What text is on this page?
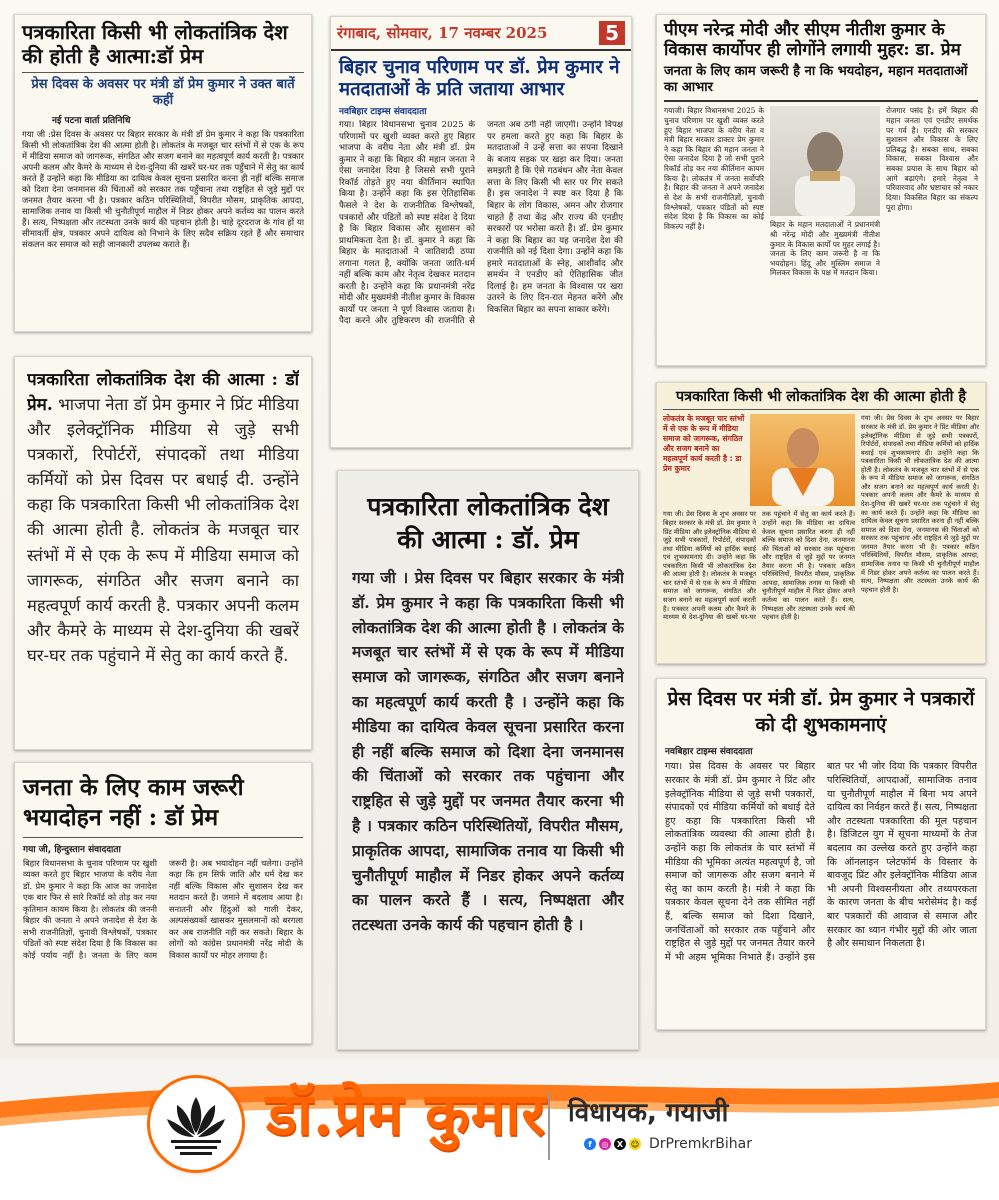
पत्रकारिता किसी भी लोकतांत्रिक देश की होती है आत्मा:डॉ प्रेम
प्रेस दिवस के अवसर पर मंत्री डॉ प्रेम कुमार ने उक्त बातें कहीं
नई पटना वार्ता प्रतिनिधि
गया जी :प्रेस दिवस के अवसर पर बिहार सरकार के मंत्री डॉ प्रेम कुमार ने कहा कि पत्रकारिता किसी भी लोकतांत्रिक देश की आत्मा होती है। लोकतंत्र के मजबूत चार स्तंभों में से एक के रूप में मीडिया समाज को जागरूक, संगठित और सजग बनाने का महत्वपूर्ण कार्य करती है। पत्रकार अपनी कलम और कैमरे के माध्यम से देश-दुनिया की खबरें घर-घर तक पहुँचाने में सेतु का कार्य करते हैं उन्होंने कहा कि मीडिया का दायित्व केवल सूचना प्रसारित करना ही नहीं बल्कि समाज को दिशा देना जनमानस की चिंताओं को सरकार तक पहुँचाना तथा राष्ट्रहित से जुड़े मुद्दों पर जनमत तैयार करना भी है। पत्रकार कठिन परिस्थितियों, विपरीत मौसम, प्राकृतिक आपदा, सामाजिक तनाव या किसी भी चुनौतीपूर्ण माहौल में निडर होकर अपने कर्तव्य का पालन करते हैं। सत्य, निष्पक्षता और तटस्थता उनके कार्य की पहचान होती है। चाहे दूरदराज के गांव हों या सीमावर्ती क्षेत्र, पत्रकार अपने दायित्व को निभाने के लिए सदैव सक्रिय रहते हैं और समाचार संकलन कर समाज को सही जानकारी उपलब्ध कराते हैं।
रंगाबाद, सोमवार, 17 नवम्बर 2025	5
बिहार चुनाव परिणाम पर डॉ. प्रेम कुमार ने मतदाताओं के प्रति जताया आभार
नवबिहार टाइम्स संवाददाता
गया। बिहार विधानसभा चुनाव 2025 के परिणामों पर खुशी व्यक्त करते हुए बिहार भाजपा के वरीय नेता और मंत्री डॉ. प्रेम कुमार ने कहा कि बिहार की महान जनता ने ऐसा जनादेश दिया है जिससे सभी पुराने रिकॉर्ड तोड़ते हुए नया कीर्तिमान स्थापित किया है। उन्होंने कहा कि इस ऐतिहासिक फैसले ने देश के राजनीतिक विश्लेषकों, पत्रकारों और पंडितों को स्पष्ट संदेश दे दिया है कि बिहार विकास और सुशासन को प्राथमिकता देता है। डॉ. कुमार ने कहा कि बिहार के मतदाताओं ने जातिवादी ठप्पा लगाना गलत है, क्योंकि जनता जाति-धर्म नहीं बल्कि काम और नेतृत्व देखकर मतदान करती है। उन्होंने कहा कि प्रधानमंत्री नरेंद्र मोदी और मुख्यमंत्री नीतीश कुमार के विकास कार्यों पर जनता ने पूर्ण विश्वास जताया है। पैदा करने और तुष्टिकरण की राजनीति से जनता अब ठगी नहीं जाएगी। उन्होंने विपक्ष पर हमला करते हुए कहा कि बिहार के मतदाताओं ने उन्हें सत्ता का सपना दिखाने के बजाय सड़क पर खड़ा कर दिया। जनता समझती है कि ऐसे गठबंधन और नेता केवल सत्ता के लिए किसी भी स्तर पर गिर सकते हैं। इस जनादेश ने स्पष्ट कर दिया है कि बिहार के लोग विकास, अमन और रोजगार चाहते हैं तथा केंद्र और राज्य की एनडीए सरकारों पर भरोसा करते हैं। डॉ. प्रेम कुमार ने कहा कि बिहार का यह जनादेश देश की राजनीति को नई दिशा देगा। उन्होंने कहा कि हमारे मतदाताओं के स्नेह, आशीर्वाद और समर्थन ने एनडीए को ऐतिहासिक जीत दिलाई है। हम जनता के विश्वास पर खरा उतरने के लिए दिन-रात मेहनत करेंगे और विकसित बिहार का सपना साकार करेंगे।
पीएम नरेन्द्र मोदी और सीएम नीतीश कुमार के विकास कार्योपर ही लोगोंने लगायी मुहर: डा. प्रेम
जनता के लिए काम जरूरी है ना कि भयदोहन, महान मतदाताओं का आभार
गयाजी। बिहार विधानसभा 2025 के चुनाव परिणाम पर खुशी व्यक्त करते हुए बिहार भाजपा के वरीय नेता व मंत्री बिहार सरकार डाक्टर प्रेम कुमार ने कहा कि बिहार की महान जनता ने ऐसा जनादेश दिया है जो सभी पुराने रिकॉर्ड तोड़ कर नया कीर्तिमान कायम किया है। लोकतंत्र में जनता सर्वोपरि है। बिहार की जनता ने अपने जनादेश से देश के सभी राजनीतिज्ञों, चुनावी विश्लेषकों, पत्रकार पंडितों को स्पष्ट संदेश दिया है कि विकास का कोई विकल्प नहीं है।	बिहार के महान मतदाताओं ने प्रधानमंत्री श्री नरेन्द्र मोदी और मुख्यमंत्री नीतीश कुमार के विकास कार्यों पर मुहर लगाई है। जनता के लिए काम जरूरी है ना कि भयदोहन। हिंदू और मुस्लिम समाज ने मिलकर विकास के पक्ष में मतदान किया।
रोजगार पसंद है। हमें बिहार की महान जनता एवं एनडीए समर्थक पर गर्व है। एनडीए की सरकार सुशासन और विकास के लिए प्रतिबद्ध है। सबका साथ, सबका विकास, सबका विश्वास और सबका प्रयास के साथ बिहार को आगे बढ़ाएंगे। हमारे नेतृत्व ने परिवारवाद और भ्रष्टाचार को नकार दिया। विकसित बिहार का संकल्प पूरा होगा।
पत्रकारिता किसी भी लोकतांत्रिक देश की आत्मा होती है
लोकतंत्र के मजबूत चार स्तंभों में से एक के रूप में मीडिया समाज को जागरूक, संगठित और सजग बनाने का महत्वपूर्ण कार्य करती है : डा प्रेम कुमार
गया जी। प्रेस दिवस के शुभ अवसर पर बिहार सरकार के मंत्री डॉ. प्रेम कुमार ने प्रिंट मीडिया और इलेक्ट्रॉनिक मीडिया से जुड़े सभी पत्रकारों, रिपोर्टरों, संपादकों तथा मीडिया कर्मियों को हार्दिक बधाई एवं शुभकामनाएं दी। उन्होंने कहा कि पत्रकारिता किसी भी लोकतांत्रिक देश की आत्मा होती है। लोकतंत्र के मजबूत चार स्तंभों में से एक के रूप में मीडिया समाज को जागरूक, संगठित और सजग बनाने का महत्वपूर्ण कार्य करती है। पत्रकार अपनी कलम और कैमरे के माध्यम से देश-दुनिया की खबरें घर-घर तक पहुंचाने में सेतु का कार्य करते हैं। उन्होंने कहा कि मीडिया का दायित्व केवल सूचना प्रसारित करना ही नहीं बल्कि समाज को दिशा देना, जनमानस की चिंताओं को सरकार तक पहुंचाना और राष्ट्रहित से जुड़े मुद्दों पर जनमत तैयार करना भी है। पत्रकार कठिन परिस्थितियों, विपरीत मौसम, प्राकृतिक आपदा, सामाजिक तनाव या किसी भी चुनौतीपूर्ण माहौल में निडर होकर अपने कर्तव्य का पालन करते हैं। सत्य, निष्पक्षता और तटस्थता उनके कार्य की पहचान होती है।
गया जी। प्रेस दिवस के शुभ अवसर पर बिहार सरकार के मंत्री डॉ. प्रेम कुमार ने प्रिंट मीडिया और इलेक्ट्रॉनिक मीडिया से जुड़े सभी पत्रकारों, रिपोर्टरों, संपादकों तथा मीडिया कर्मियों को हार्दिक बधाई एवं शुभकामनाएं दी। उन्होंने कहा कि पत्रकारिता किसी भी लोकतांत्रिक देश की आत्मा होती है। लोकतंत्र के मजबूत चार स्तंभों में से एक के रूप में मीडिया समाज को जागरूक, संगठित और सजग बनाने का महत्वपूर्ण कार्य करती है। पत्रकार अपनी कलम और कैमरे के माध्यम से देश-दुनिया की खबरें घर-घर तक पहुंचाने में सेतु का कार्य करते हैं। उन्होंने कहा कि मीडिया का दायित्व केवल सूचना प्रसारित करना ही नहीं बल्कि समाज को दिशा देना, जनमानस की चिंताओं को सरकार तक पहुंचाना और राष्ट्रहित से जुड़े मुद्दों पर जनमत तैयार करना भी है। पत्रकार कठिन परिस्थितियों, विपरीत मौसम, प्राकृतिक आपदा, सामाजिक तनाव या किसी भी चुनौतीपूर्ण माहौल में निडर होकर अपने कर्तव्य का पालन करते हैं। सत्य, निष्पक्षता और तटस्थता उनके कार्य की पहचान होती है।
पत्रकारिता लोकतांत्रिक देश की आत्मा : डॉ प्रेम. भाजपा नेता डॉ प्रेम कुमार ने प्रिंट मीडिया और इलेक्ट्रॉनिक मीडिया से जुड़े सभी पत्रकारों, रिपोर्टरों, संपादकों तथा मीडिया कर्मियों को प्रेस दिवस पर बधाई दी. उन्होंने कहा कि पत्रकारिता किसी भी लोकतांत्रिक देश की आत्मा होती है. लोकतंत्र के मजबूत चार स्तंभों में से एक के रूप में मीडिया समाज को जागरूक, संगठित और सजग बनाने का महत्वपूर्ण कार्य करती है. पत्रकार अपनी कलम और कैमरे के माध्यम से देश-दुनिया की खबरें घर-घर तक पहुंचाने में सेतु का कार्य करते हैं.
पत्रकारिता लोकतांत्रिक देश की आत्मा : डॉ. प्रेम
गया जी । प्रेस दिवस पर बिहार सरकार के मंत्री डॉ. प्रेम कुमार ने कहा कि पत्रकारिता किसी भी लोकतांत्रिक देश की आत्मा होती है । लोकतंत्र के मजबूत चार स्तंभों में से एक के रूप में मीडिया समाज को जागरूक, संगठित और सजग बनाने का महत्वपूर्ण कार्य करती है । उन्होंने कहा कि मीडिया का दायित्व केवल सूचना प्रसारित करना ही नहीं बल्कि समाज को दिशा देना जनमानस की चिंताओं को सरकार तक पहुंचाना और राष्ट्रहित से जुड़े मुद्दों पर जनमत तैयार करना भी है । पत्रकार कठिन परिस्थितियों, विपरीत मौसम, प्राकृतिक आपदा, सामाजिक तनाव या किसी भी चुनौतीपूर्ण माहौल में निडर होकर अपने कर्तव्य का पालन करते हैं । सत्य, निष्पक्षता और तटस्थता उनके कार्य की पहचान होती है ।
जनता के लिए काम जरूरी भयादोहन नहीं : डॉ प्रेम
गया जी, हिन्दुस्तान संवाददाता
बिहार विधानसभा के चुनाव परिणाम पर खुशी व्यक्त करते हुए बिहार भाजपा के वरीय नेता डॉ. प्रेम कुमार ने कहा कि आज का जनादेश एक बार फिर से सारे रिकॉर्ड को तोड़ कर नया कृतिमान कायम किया है। लोकतंत्र की जननी बिहार की जनता ने अपने जनादेश से देश के सभी राजनीतिज्ञों, चुनावी विश्लेषकों, पत्रकार पंडितों को स्पष्ट संदेश दिया है कि विकास का कोई पर्याय नहीं है। जनता के लिए काम जरूरी है। अब भयादोहन नहीं चलेगा। उन्होंने कहा कि हम सिर्फ जाति और धर्म देख कर नहीं बल्कि विकास और सुशासन देख कर मतदान करते हैं। जमाने में बदलाव आया है। सनातनी और हिंदुओं को गाली देकर, अल्पसंख्यकों खासकर मुसलमानों को बरगला कर अब राजनीति नहीं कर सकते। बिहार के लोगों को कांग्रेस प्रधानमंत्री नरेंद्र मोदी के विकास कार्यों पर मोहर लगाया है।
प्रेस दिवस पर मंत्री डॉ. प्रेम कुमार ने पत्रकारों को दी शुभकामनाएं
नवबिहार टाइम्स संवाददाता
गया। प्रेस दिवस के अवसर पर बिहार सरकार के मंत्री डॉ. प्रेम कुमार ने प्रिंट और इलेक्ट्रॉनिक मीडिया से जुड़े सभी पत्रकारों, संपादकों एवं मीडिया कर्मियों को बधाई देते हुए कहा कि पत्रकारिता किसी भी लोकतांत्रिक व्यवस्था की आत्मा होती है। उन्होंने कहा कि लोकतंत्र के चार स्तंभों में मीडिया की भूमिका अत्यंत महत्वपूर्ण है, जो समाज को जागरूक और सजग बनाने में सेतु का काम करती है। मंत्री ने कहा कि पत्रकार केवल सूचना देने तक सीमित नहीं हैं, बल्कि समाज को दिशा दिखाने, जनचिंताओं को सरकार तक पहुँचाने और राष्ट्रहित से जुड़े मुद्दों पर जनमत तैयार करने में भी अहम भूमिका निभाते हैं। उन्होंने इस बात पर भी जोर दिया कि पत्रकार विपरीत परिस्थितियों, आपदाओं, सामाजिक तनाव या चुनौतीपूर्ण माहौल में बिना भय अपने दायित्व का निर्वहन करते हैं। सत्य, निष्पक्षता और तटस्थता पत्रकारिता की मूल पहचान है। डिजिटल युग में सूचना माध्यमों के तेज बदलाव का उल्लेख करते हुए उन्होंने कहा कि ऑनलाइन प्लेटफॉर्म के विस्तार के बावजूद प्रिंट और इलेक्ट्रॉनिक मीडिया आज भी अपनी विश्वसनीयता और तथ्यपरकता के कारण जनता के बीच भरोसेमंद है। कई बार पत्रकारों की आवाज से समाज और सरकार का ध्यान गंभीर मुद्दों की ओर जाता है और समाधान निकलता है।
डॉ.प्रेम कुमार विधायक, गयाजी
f	◎	X ☺ DrPremkrBihar
